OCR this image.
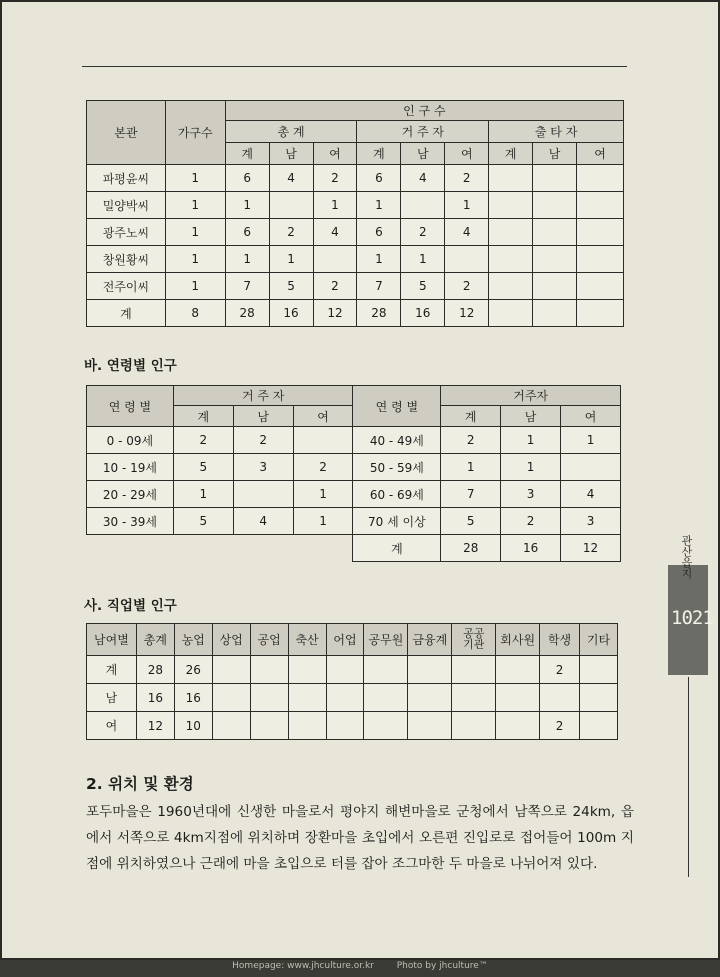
본관	가구수	인 구 수								
		총 계			거 주 자			출 타 자		
		계	남	여	계	남	여	계	남	여
파평윤씨	1	6	4	2	6	4	2			
밀양박씨	1	1		1	1		1			
광주노씨	1	6	2	4	6	2	4			
창원황씨	1	1	1		1	1				
전주이씨	1	7	5	2	7	5	2			
계	8	28	16	12	28	16	12			
바. 연령별 인구
연 령 별	거 주 자			연 령 별	거주자		
	계	남	여		계	남	여
0 - 09세	2	2		40 - 49세	2	1	1
10 - 19세	5	3	2	50 - 59세	1	1	
20 - 29세	1		1	60 - 69세	7	3	4
30 - 39세	5	4	1	70 세 이상	5	2	3
				계	28	16	12
사. 직업별 인구
남여별	총계	농업	상업	공업	축산	어업	공무원	금융계	공공기관	회사원	학생	기타
계	28	26									2	
남	16	16										
여	12	10									2	
2. 위치 및 환경

포두마을은 1960년대에 신생한 마을로서 평야지 해변마을로 군청에서 남쪽으로 24km, 읍에서 서쪽으로 4km지점에 위치하며 장환마을 초입에서 오른편 진입로로 접어들어 100m 지점에 위치하였으나 근래에 마을 초입으로 터를 잡아 조그마한 두 마을로 나뉘어져 있다.

관산읍지
1021
Homepage: www.jhculture.or.kr	Photo by jhculture™
